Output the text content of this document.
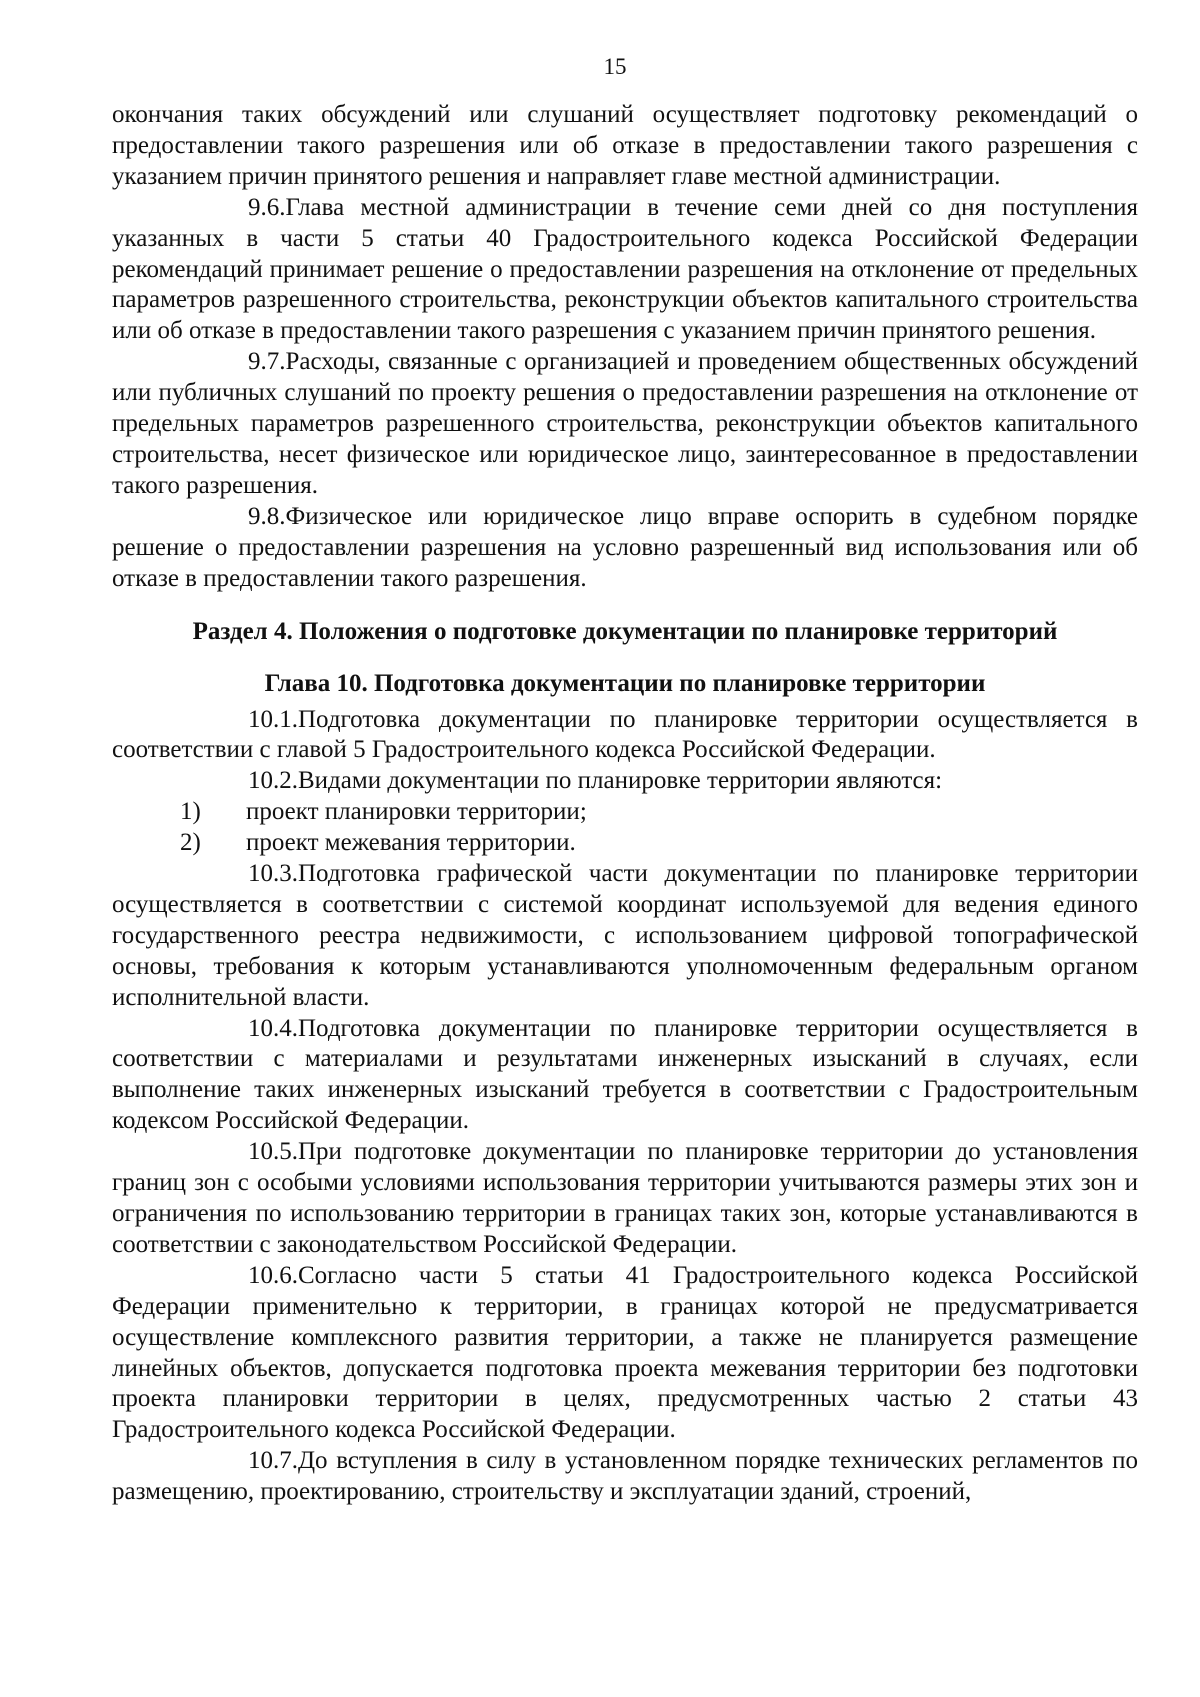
15

окончания таких обсуждений или слушаний осуществляет подготовку рекомендаций о предоставлении такого разрешения или об отказе в предоставлении такого разрешения с указанием причин принятого решения и направляет главе местной администрации.

9.6.Глава местной администрации в течение семи дней со дня поступления указанных в части 5 статьи 40 Градостроительного кодекса Российской Федерации рекомендаций принимает решение о предоставлении разрешения на отклонение от предельных параметров разрешенного строительства, реконструкции объектов капитального строительства или об отказе в предоставлении такого разрешения с указанием причин принятого решения.

9.7.Расходы, связанные с организацией и проведением общественных обсуждений или публичных слушаний по проекту решения о предоставлении разрешения на отклонение от предельных параметров разрешенного строительства, реконструкции объектов капитального строительства, несет физическое или юридическое лицо, заинтересованное в предоставлении такого разрешения.

9.8.Физическое или юридическое лицо вправе оспорить в судебном порядке решение о предоставлении разрешения на условно разрешенный вид использования или об отказе в предоставлении такого разрешения.

Раздел 4. Положения о подготовке документации по планировке территорий
Глава 10. Подготовка документации по планировке территории

10.1.Подготовка документации по планировке территории осуществляется в соответствии с главой 5 Градостроительного кодекса Российской Федерации.

10.2.Видами документации по планировке территории являются:

1)	проект планировки территории;
2)	проект межевания территории.

10.3.Подготовка графической части документации по планировке территории осуществляется в соответствии с системой координат используемой для ведения единого государственного реестра недвижимости, с использованием цифровой топографической основы, требования к которым устанавливаются уполномоченным федеральным органом исполнительной власти.

10.4.Подготовка документации по планировке территории осуществляется в соответствии с материалами и результатами инженерных изысканий в случаях, если выполнение таких инженерных изысканий требуется в соответствии с Градостроительным кодексом Российской Федерации.

10.5.При подготовке документации по планировке территории до установления границ зон с особыми условиями использования территории учитываются размеры этих зон и ограничения по использованию территории в границах таких зон, которые устанавливаются в соответствии с законодательством Российской Федерации.

10.6.Согласно части 5 статьи 41 Градостроительного кодекса Российской Федерации применительно к территории, в границах которой не предусматривается осуществление комплексного развития территории, а также не планируется размещение линейных объектов, допускается подготовка проекта межевания территории без подготовки проекта планировки территории в целях, предусмотренных частью 2 статьи 43 Градостроительного кодекса Российской Федерации.

10.7.До вступления в силу в установленном порядке технических регламентов по размещению, проектированию, строительству и эксплуатации зданий, строений,
